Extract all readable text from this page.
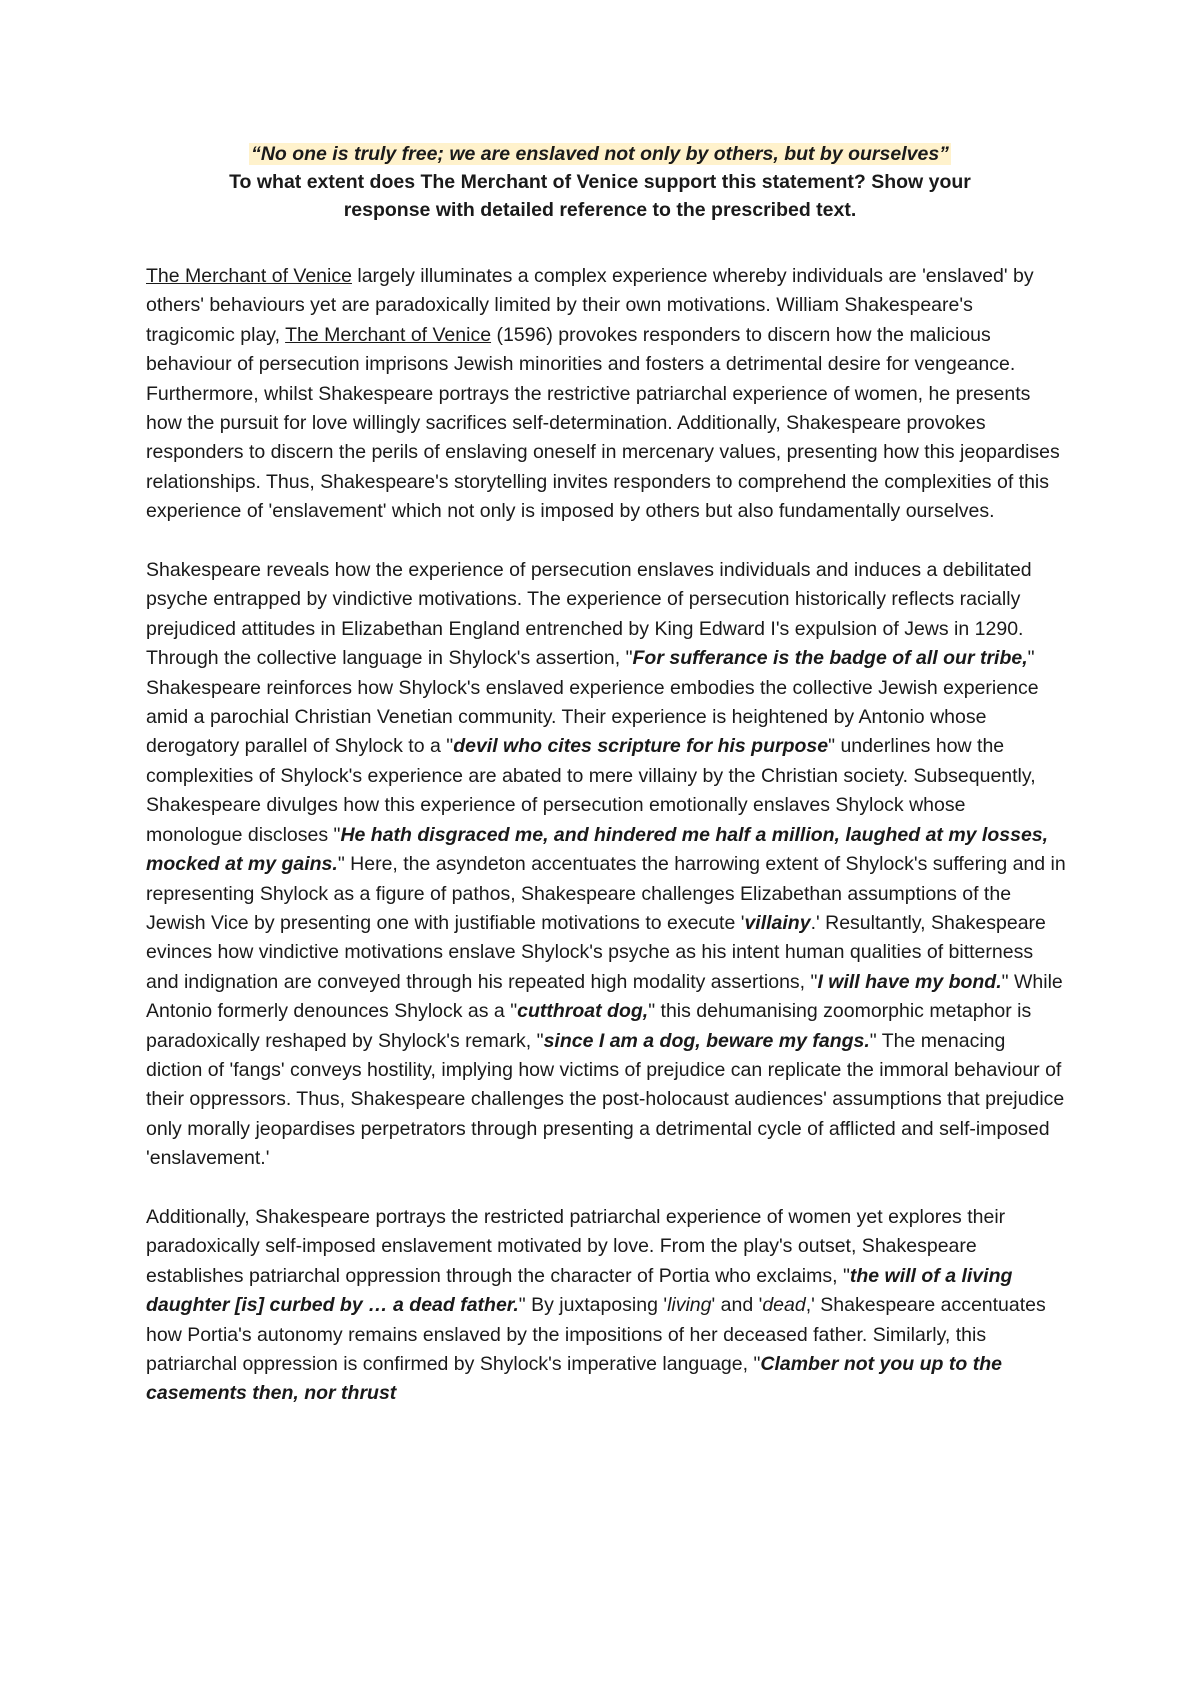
“No one is truly free; we are enslaved not only by others, but by ourselves”
To what extent does The Merchant of Venice support this statement? Show your
response with detailed reference to the prescribed text.

The Merchant of Venice largely illuminates a complex experience whereby individuals are 'enslaved' by others' behaviours yet are paradoxically limited by their own motivations. William Shakespeare's tragicomic play, The Merchant of Venice (1596) provokes responders to discern how the malicious behaviour of persecution imprisons Jewish minorities and fosters a detrimental desire for vengeance. Furthermore, whilst Shakespeare portrays the restrictive patriarchal experience of women, he presents how the pursuit for love willingly sacrifices self-determination. Additionally, Shakespeare provokes responders to discern the perils of enslaving oneself in mercenary values, presenting how this jeopardises relationships. Thus, Shakespeare's storytelling invites responders to comprehend the complexities of this experience of 'enslavement' which not only is imposed by others but also fundamentally ourselves.

Shakespeare reveals how the experience of persecution enslaves individuals and induces a debilitated psyche entrapped by vindictive motivations. The experience of persecution historically reflects racially prejudiced attitudes in Elizabethan England entrenched by King Edward I's expulsion of Jews in 1290. Through the collective language in Shylock's assertion, "For sufferance is the badge of all our tribe," Shakespeare reinforces how Shylock's enslaved experience embodies the collective Jewish experience amid a parochial Christian Venetian community. Their experience is heightened by Antonio whose derogatory parallel of Shylock to a "devil who cites scripture for his purpose" underlines how the complexities of Shylock's experience are abated to mere villainy by the Christian society. Subsequently, Shakespeare divulges how this experience of persecution emotionally enslaves Shylock whose monologue discloses "He hath disgraced me, and hindered me half a million, laughed at my losses, mocked at my gains." Here, the asyndeton accentuates the harrowing extent of Shylock's suffering and in representing Shylock as a figure of pathos, Shakespeare challenges Elizabethan assumptions of the Jewish Vice by presenting one with justifiable motivations to execute 'villainy.' Resultantly, Shakespeare evinces how vindictive motivations enslave Shylock's psyche as his intent human qualities of bitterness and indignation are conveyed through his repeated high modality assertions, "I will have my bond." While Antonio formerly denounces Shylock as a "cutthroat dog," this dehumanising zoomorphic metaphor is paradoxically reshaped by Shylock's remark, "since I am a dog, beware my fangs." The menacing diction of 'fangs' conveys hostility, implying how victims of prejudice can replicate the immoral behaviour of their oppressors. Thus, Shakespeare challenges the post-holocaust audiences' assumptions that prejudice only morally jeopardises perpetrators through presenting a detrimental cycle of afflicted and self-imposed 'enslavement.'

Additionally, Shakespeare portrays the restricted patriarchal experience of women yet explores their paradoxically self-imposed enslavement motivated by love. From the play's outset, Shakespeare establishes patriarchal oppression through the character of Portia who exclaims, "the will of a living daughter [is] curbed by … a dead father." By juxtaposing 'living' and 'dead,' Shakespeare accentuates how Portia's autonomy remains enslaved by the impositions of her deceased father. Similarly, this patriarchal oppression is confirmed by Shylock's imperative language, "Clamber not you up to the casements then, nor thrust
